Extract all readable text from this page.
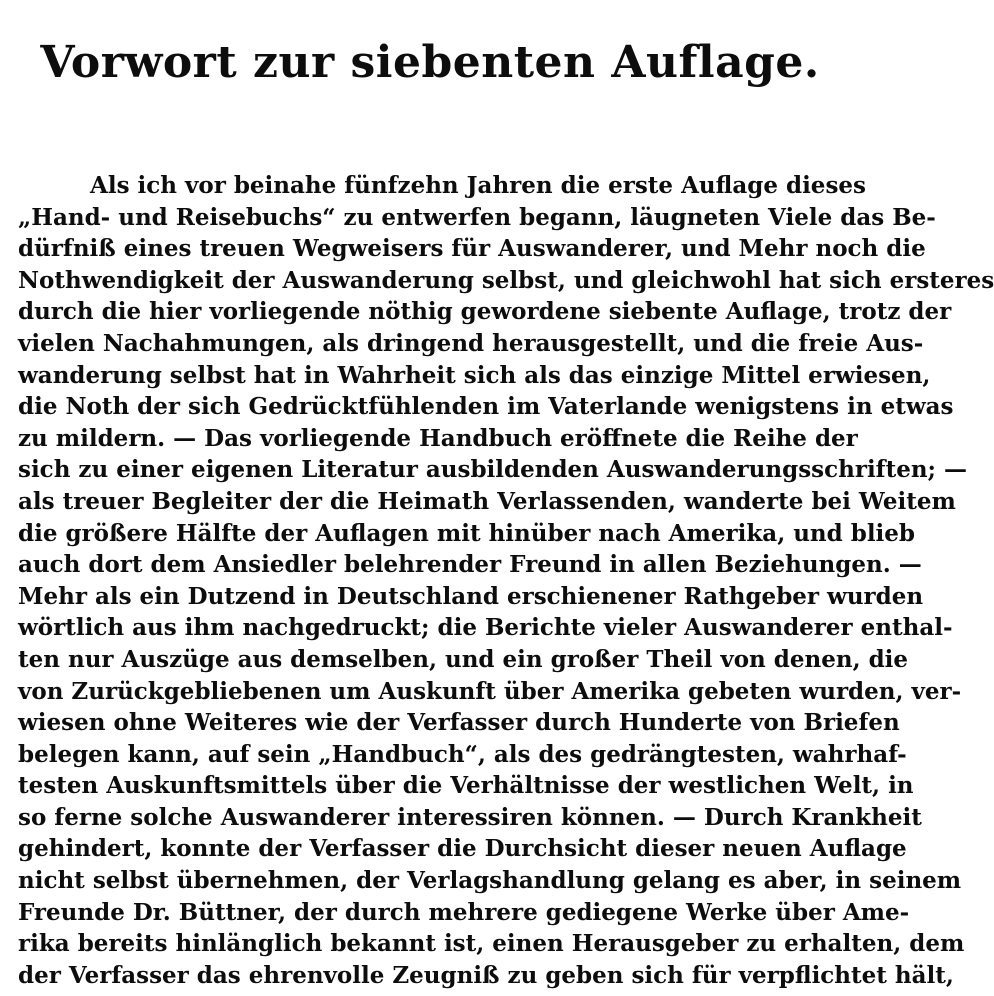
Vorwort zur siebenten Auflage.
Als ich vor beinahe fünfzehn Jahren die erste Auflage dieses
„Hand- und Reisebuchs“ zu entwerfen begann, läugneten Viele das Be-
dürfniß eines treuen Wegweisers für Auswanderer, und Mehr noch die
Nothwendigkeit der Auswanderung selbst, und gleichwohl hat sich ersteres
durch die hier vorliegende nöthig gewordene siebente Auflage, trotz der
vielen Nachahmungen, als dringend herausgestellt, und die freie Aus-
wanderung selbst hat in Wahrheit sich als das einzige Mittel erwiesen,
die Noth der sich Gedrücktfühlenden im Vaterlande wenigstens in etwas
zu mildern. — Das vorliegende Handbuch eröffnete die Reihe der
sich zu einer eigenen Literatur ausbildenden Auswanderungsschriften; —
als treuer Begleiter der die Heimath Verlassenden, wanderte bei Weitem
die größere Hälfte der Auflagen mit hinüber nach Amerika, und blieb
auch dort dem Ansiedler belehrender Freund in allen Beziehungen. —
Mehr als ein Dutzend in Deutschland erschienener Rathgeber wurden
wörtlich aus ihm nachgedruckt; die Berichte vieler Auswanderer enthal-
ten nur Auszüge aus demselben, und ein großer Theil von denen, die
von Zurückgebliebenen um Auskunft über Amerika gebeten wurden, ver-
wiesen ohne Weiteres wie der Verfasser durch Hunderte von Briefen
belegen kann, auf sein „Handbuch“, als des gedrängtesten, wahrhaf-
testen Auskunftsmittels über die Verhältnisse der westlichen Welt, in
so ferne solche Auswanderer interessiren können. — Durch Krankheit
gehindert, konnte der Verfasser die Durchsicht dieser neuen Auflage
nicht selbst übernehmen, der Verlagshandlung gelang es aber, in seinem
Freunde Dr. Büttner, der durch mehrere gediegene Werke über Ame-
rika bereits hinlänglich bekannt ist, einen Herausgeber zu erhalten, dem
der Verfasser das ehrenvolle Zeugniß zu geben sich für verpflichtet hält,
